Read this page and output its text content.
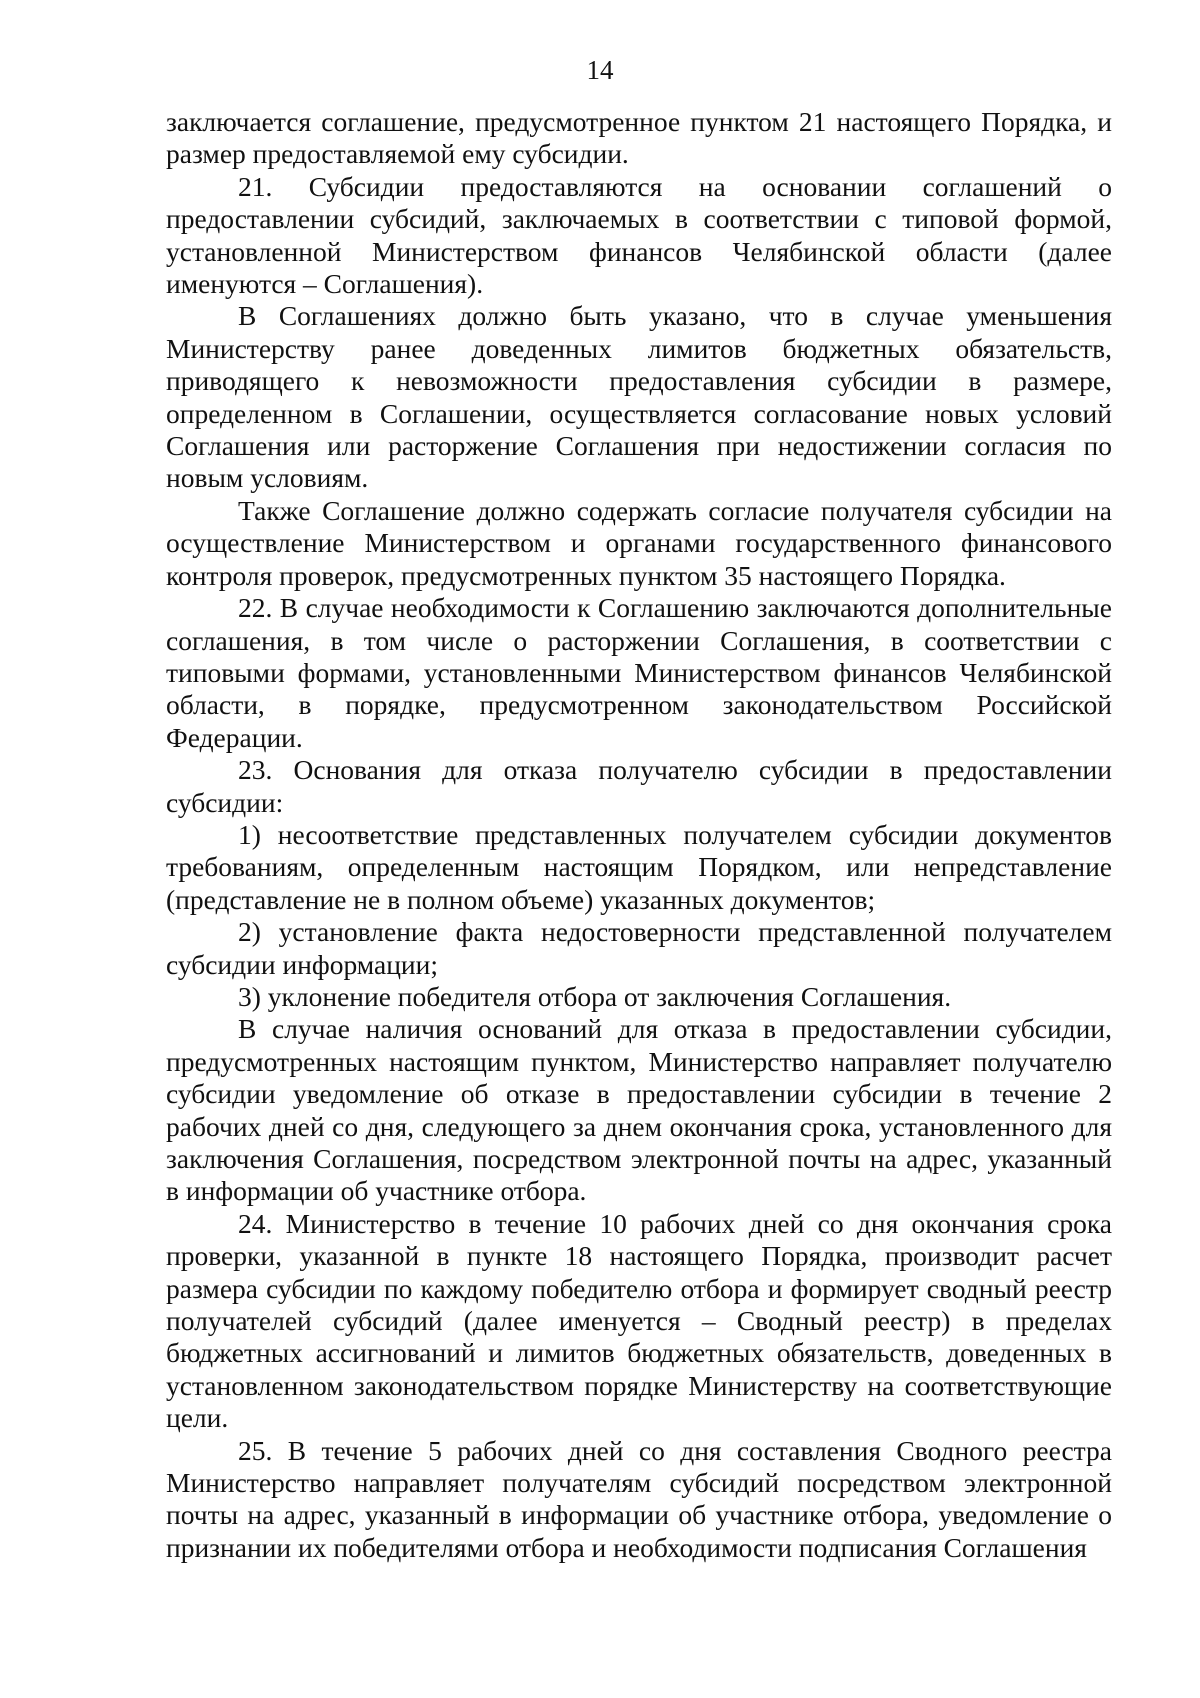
14

заключается соглашение, предусмотренное пунктом 21 настоящего Порядка, и размер предоставляемой ему субсидии.

21. Субсидии предоставляются на основании соглашений о предоставлении субсидий, заключаемых в соответствии с типовой формой, установленной Министерством финансов Челябинской области (далее именуются – Соглашения).

В Соглашениях должно быть указано, что в случае уменьшения Министерству ранее доведенных лимитов бюджетных обязательств, приводящего к невозможности предоставления субсидии в размере, определенном в Соглашении, осуществляется согласование новых условий Соглашения или расторжение Соглашения при недостижении согласия по новым условиям.

Также Соглашение должно содержать согласие получателя субсидии на осуществление Министерством и органами государственного финансового контроля проверок, предусмотренных пунктом 35 настоящего Порядка.

22. В случае необходимости к Соглашению заключаются дополнительные соглашения, в том числе о расторжении Соглашения, в соответствии с типовыми формами, установленными Министерством финансов Челябинской области, в порядке, предусмотренном законодательством Российской Федерации.

23. Основания для отказа получателю субсидии в предоставлении субсидии:

1) несоответствие представленных получателем субсидии документов требованиям, определенным настоящим Порядком, или непредставление (представление не в полном объеме) указанных документов;

2) установление факта недостоверности представленной получателем субсидии информации;

3) уклонение победителя отбора от заключения Соглашения.

В случае наличия оснований для отказа в предоставлении субсидии, предусмотренных настоящим пунктом, Министерство направляет получателю субсидии уведомление об отказе в предоставлении субсидии в течение 2 рабочих дней со дня, следующего за днем окончания срока, установленного для заключения Соглашения, посредством электронной почты на адрес, указанный в информации об участнике отбора.

24. Министерство в течение 10 рабочих дней со дня окончания срока проверки, указанной в пункте 18 настоящего Порядка, производит расчет размера субсидии по каждому победителю отбора и формирует сводный реестр получателей субсидий (далее именуется – Сводный реестр) в пределах бюджетных ассигнований и лимитов бюджетных обязательств, доведенных в установленном законодательством порядке Министерству на соответствующие цели.

25. В течение 5 рабочих дней со дня составления Сводного реестра Министерство направляет получателям субсидий посредством электронной почты на адрес, указанный в информации об участнике отбора, уведомление о признании их победителями отбора и необходимости подписания Соглашения
